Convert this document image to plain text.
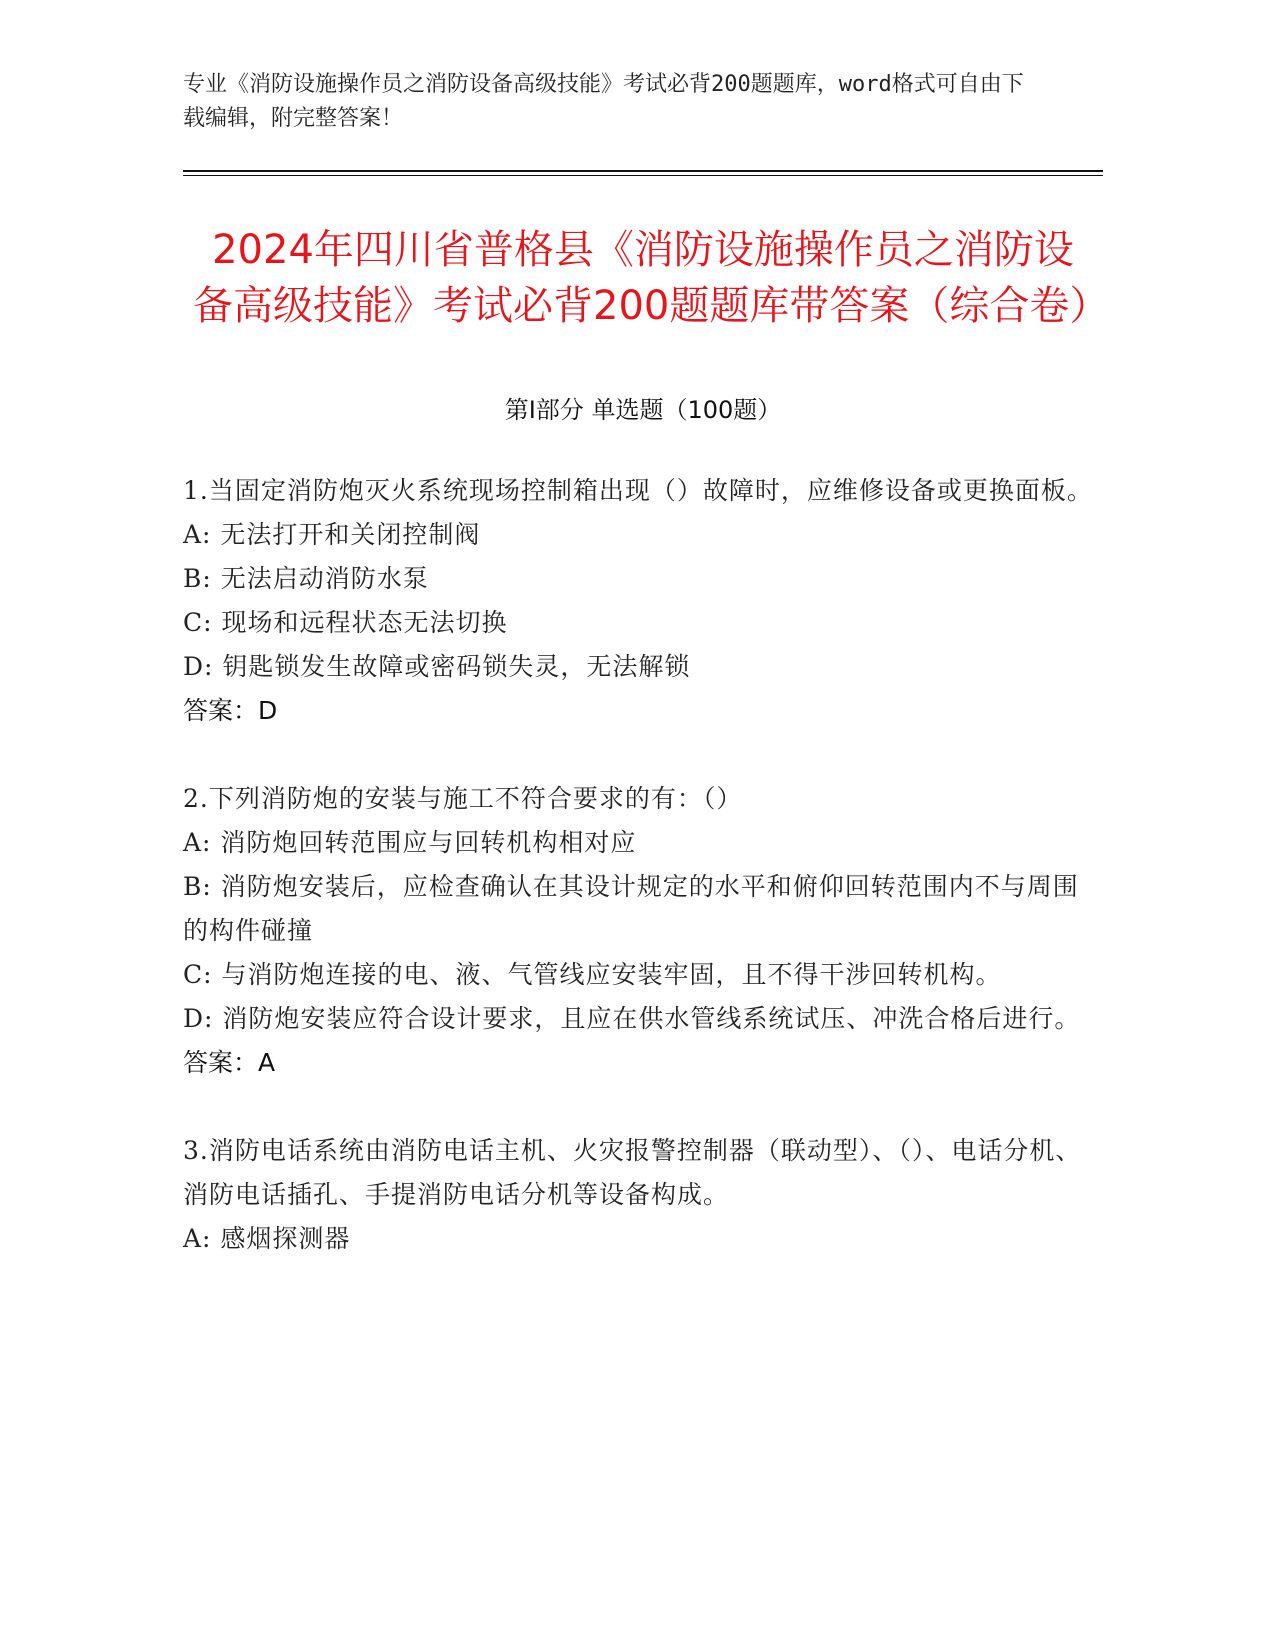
专业《消防设施操作员之消防设备高级技能》考试必背200题题库，word格式可自由下载编辑，附完整答案！
2024年四川省普格县《消防设施操作员之消防设备高级技能》考试必背200题题库带答案（综合卷）
第Ⅰ部分 单选题（100题）
1.当固定消防炮灭火系统现场控制箱出现（）故障时，应维修设备或更换面板。
A: 无法打开和关闭控制阀
B: 无法启动消防水泵
C: 现场和远程状态无法切换
D: 钥匙锁发生故障或密码锁失灵，无法解锁
答案：D
2.下列消防炮的安装与施工不符合要求的有：（）
A: 消防炮回转范围应与回转机构相对应
B: 消防炮安装后，应检查确认在其设计规定的水平和俯仰回转范围内不与周围的构件碰撞
C: 与消防炮连接的电、液、气管线应安装牢固，且不得干涉回转机构。
D: 消防炮安装应符合设计要求，且应在供水管线系统试压、冲洗合格后进行。
答案：A
3.消防电话系统由消防电话主机、火灾报警控制器（联动型）、（）、电话分机、消防电话插孔、手提消防电话分机等设备构成。
A: 感烟探测器
